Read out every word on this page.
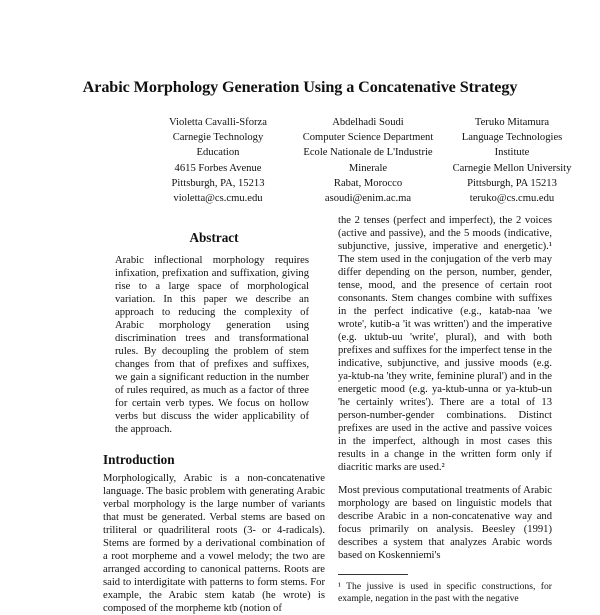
Arabic Morphology Generation Using a Concatenative Strategy
Violetta Cavalli-Sforza
Carnegie Technology
Education
4615 Forbes Avenue
Pittsburgh, PA, 15213
violetta@cs.cmu.edu
Abdelhadi Soudi
Computer Science Department
Ecole Nationale de L'Industrie
Minerale
Rabat, Morocco
asoudi@enim.ac.ma
Teruko Mitamura
Language Technologies
Institute
Carnegie Mellon University
Pittsburgh, PA 15213
teruko@cs.cmu.edu
Abstract

Arabic inflectional morphology requires infixation, prefixation and suffixation, giving rise to a large space of morphological variation. In this paper we describe an approach to reducing the complexity of Arabic morphology generation using discrimination trees and transformational rules. By decoupling the problem of stem changes from that of prefixes and suffixes, we gain a significant reduction in the number of rules required, as much as a factor of three for certain verb types. We focus on hollow verbs but discuss the wider applicability of the approach.

Introduction

Morphologically, Arabic is a non-concatenative language. The basic problem with generating Arabic verbal morphology is the large number of variants that must be generated. Verbal stems are based on triliteral or quadriliteral roots (3- or 4-radicals). Stems are formed by a derivational combination of a root morpheme and a vowel melody; the two are arranged according to canonical patterns. Roots are said to interdigitate with patterns to form stems. For example, the Arabic stem katab (he wrote) is composed of the morpheme ktb (notion of

the 2 tenses (perfect and imperfect), the 2 voices (active and passive), and the 5 moods (indicative, subjunctive, jussive, imperative and energetic).¹ The stem used in the conjugation of the verb may differ depending on the person, number, gender, tense, mood, and the presence of certain root consonants. Stem changes combine with suffixes in the perfect indicative (e.g., katab-naa 'we wrote', kutib-a 'it was written') and the imperative (e.g. uktub-uu 'write', plural), and with both prefixes and suffixes for the imperfect tense in the indicative, subjunctive, and jussive moods (e.g. ya-ktub-na 'they write, feminine plural') and in the energetic mood (e.g. ya-ktub-unna or ya-ktub-un 'he certainly writes'). There are a total of 13 person-number-gender combinations. Distinct prefixes are used in the active and passive voices in the imperfect, although in most cases this results in a change in the written form only if diacritic marks are used.²

Most previous computational treatments of Arabic morphology are based on linguistic models that describe Arabic in a non-concatenative way and focus primarily on analysis. Beesley (1991) describes a system that analyzes Arabic words based on Koskenniemi's

¹ The jussive is used in specific constructions, for example, negation in the past with the negative
